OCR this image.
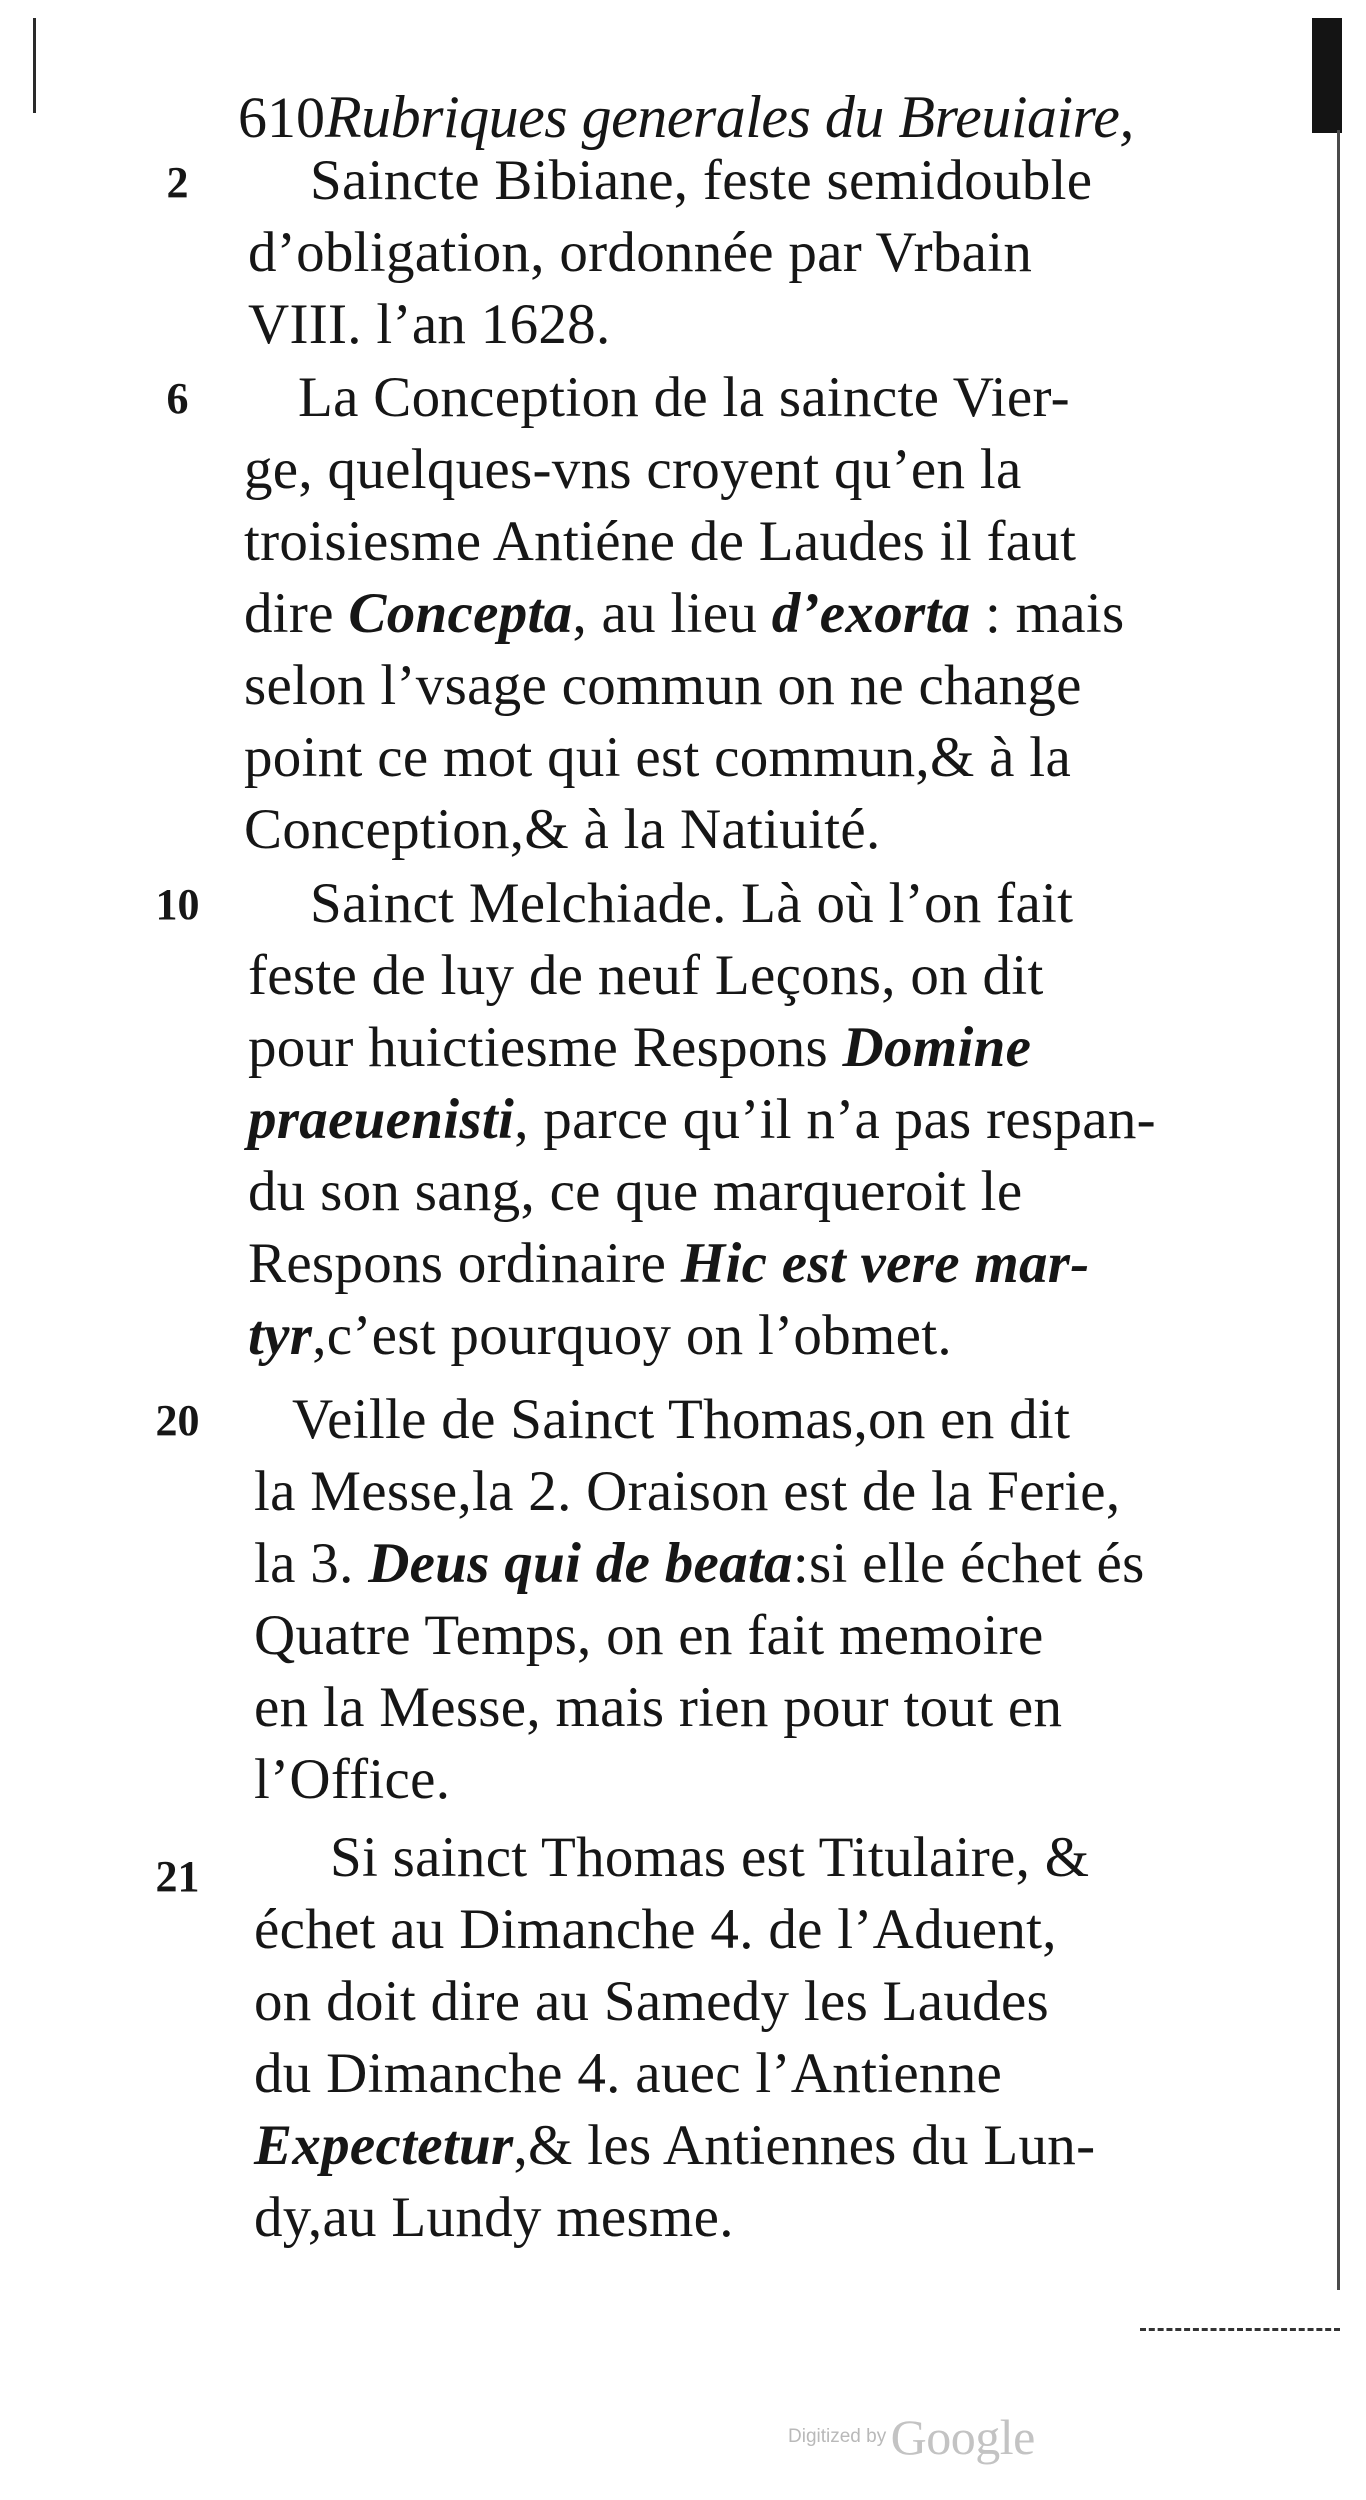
610Rubriques generales du Breuiaire,
2	Saincte Bibiane, feste semidouble
d’obligation, ordonnée par Vrbain
VIII. l’an 1628.
6	La Conception de la saincte Vier-
ge, quelques-vns croyent qu’en la
troisiesme Antiéne de Laudes il faut
dire Concepta, au lieu d’exorta : mais
selon l’vsage commun on ne change
point ce mot qui est commun,& à la
Conception,& à la Natiuité.
10	Sainct Melchiade. Là où l’on fait
feste de luy de neuf Leçons, on dit
pour huictiesme Respons Domine
praeuenisti, parce qu’il n’a pas respan-
du son sang, ce que marqueroit le
Respons ordinaire Hic est vere mar-
tyr,c’est pourquoy on l’obmet.
20	Veille de Sainct Thomas,on en dit
la Messe,la 2. Oraison est de la Ferie,
la 3. Deus qui de beata:si elle échet és
Quatre Temps, on en fait memoire
en la Messe, mais rien pour tout en
l’Office.
21	Si sainct Thomas est Titulaire, &
échet au Dimanche 4. de l’Aduent,
on doit dire au Samedy les Laudes
du Dimanche 4. auec l’Antienne
Expectetur,& les Antiennes du Lun-
dy,au Lundy mesme.
Digitized by Google
